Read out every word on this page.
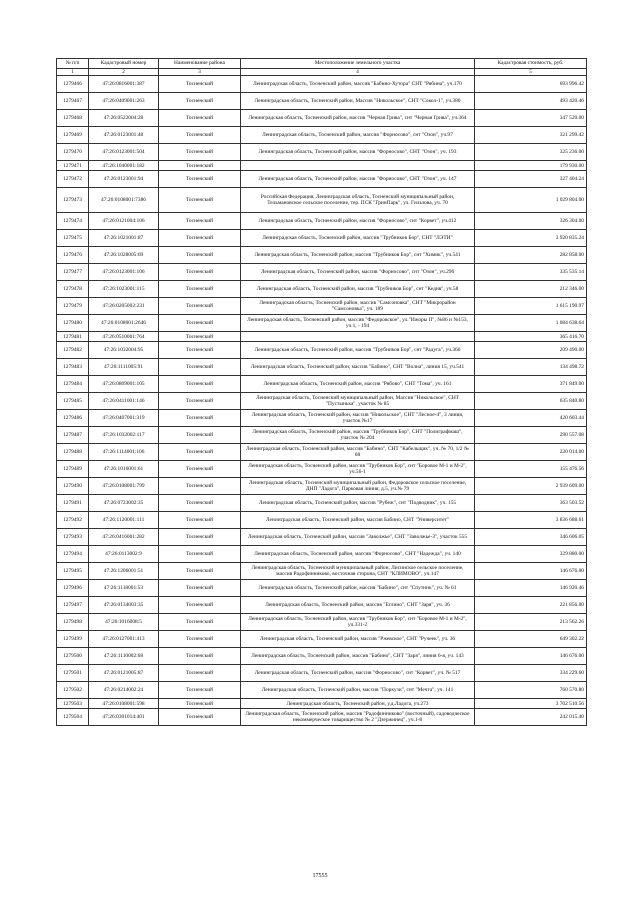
№ п/п	Кадастровый номер	Наименование района	Местоположение земельного участка	Кадастровая стоимость, руб.
1	2	3	4	5
1279466	47:26:0816001:387	Тосненский	Ленинградская область, Тосненский район, массив "Бабино-Хутора" СНТ "Рябина", уч.170	693 996.42
1279467	47:26:0409001:263	Тосненский	Ленинградская область, Тосненский район, Массив "Никольское", СНТ "Сокол-1", уч.380	493 420.46
1279468	47:26:0522004:28	Тосненский	Ленинградская область, Тосненский район, массив "Черная Грива", снт "Черная Грива", уч.364	347 520.00
1279469	47:26:0123001:48	Тосненский	Ленинградская область, Тосненский район, массив "Форносово", снт "Озон", уч.97	321 299.42
1279470	47:26:0123001:504	Тосненский	Ленинградская область, Тосненский район, массив "Форносово", СНТ "Озон", уч. 193	325 236.00
1279471	47:26:1040001:182	Тосненский		179 930.00
1279472	47:26:0123001:94	Тосненский	Ленинградская область, Тосненский район, массив "Форносово", СНТ "Озон", уч. 147	327 404.24
1279473	47:26:0108001:7386	Тосненский	Российская Федерация, Ленинградская область, Тосненский муниципальный район, Тельмановское сельское поселение, тер. ПСК "ГринПарк", ул. Гильзова, уч. 70	1 029 804.00
1279474	47:26:0121004:106	Тосненский	Ленинградская область, Тосненский район, массив "Форносово", снт "Корвет", уч.412	326 304.00
1279475	47:26:1021001:87	Тосненский	Ленинградская область, Тосненский район, массив "Трубников Бор", СНТ "ЛЭТИ"	3 920 835.24
1279476	47:26:1028005:69	Тосненский	Ленинградская область, Тосненский район, массив "Трубников Бор", снт "Химик", уч.541	282 858.00
1279477	47:26:0123001:106	Тосненский	Ленинградская область, Тосненский район, массив "Форносово", снт "Озон", уч.296	335 535.14
1279478	47:26:1023001:115	Тосненский	Ленинградская область, Тосненский район, массив "Трубников Бор", снт "Кедив", уч.58	212 346.00
1279479	47:26:0205002:231	Тосненский	Ленинградская область, Тосненский район, массив "Самсоновка", СНТ "Микрорайон "Самсоновка", уч. 189	1 615 190.97
1279480	47:26:0108001:2646	Тосненский	Ленинградская область, Тосненский район, массив "Федоровское", ул."Ижоры II", №86 и №153, уч.1, - 194	1 084 638.64
1279481	47:26:0510001:764	Тосненский		365 416.70
1279482	47:26:1032004:95	Тосненский	Ленинградская область, Тосненский район, массив "Трубников Бор", снт "Радуга", уч.360	209 490.00
1279483	47:26:1111005:91	Тосненский	Ленинградская область, Тосненский район, массив "Бабино", СНТ "Волна", линия 15, уч.541	134 498.72
1279484	47:26:0809001:105	Тосненский	Ленинградская область, Тосненский район, массив "Рябово", СНТ "Тома", уч. 161	371 849.00
1279485	47:26:0411001:146	Тосненский	Ленинградская область, Тосненский муниципальный район, Массив "Никольское", СНТ "Пустынька", участок № 85	635 840.80
1279486	47:26:0407001:319	Тосненский	Ленинградская область, Тосненский район, массив "Никольское", СНТ "Лесное-4", 3 линия, участок №17	420 603.44
1279487	47:26:1032002:117	Тосненский	Ленинградская область, Тосненский район, массив "Трубников Бор", СНТ "Полиграфмаш", участок № 204	290 557.08
1279488	47:26:1114001:106	Тосненский	Ленинградская область, Тосненский район, массив "Бабино", СНТ "Кабельщик", уч. № 70, 1/2 № 68	220 014.00
1279489	47:26:1016001:61	Тосненский	Ленинградская область, Тосненский район, массив "Трубников Бор", снт "Боровое М-1 и М-2", уч.56-1	155 476.56
1279490	47:26:0108001:799	Тосненский	Ленинградская область, Тосненский муниципальный район, Федоровское сельское поселение, ДНП "Ладога", Парковая линия, д.5, уч.№ 79	2 939 609.00
1279491	47:26:0723002:35	Тосненский	Ленинградская область, Тосненский район, массив "Рубеж", снт "Подводник", уч. 155	363 503.52
1279492	47:26:1120001:111	Тосненский	Ленинградская область, Тосненский район, массив Бабино, СНТ "Университет"	3 836 688.61
1279493	47:26:0416001:282	Тосненский	Ленинградская область, Тосненский район, массив "Заволжье", СНТ "Заволжье-3", участок 555	346 606.05
1279494	47:26:0113002:9	Тосненский	Ленинградская область, Тосненский район, массив "Форносово", СНТ "Надежда", уч. 140	329 880.00
1279495	47:26:1206001:51	Тосненский	Ленинградская область, Тосненский муниципальный район, Лисинское сельское поселение, массив Радофинниково, восточная сторона, СНТ "КЛИМОВО", уч.147	146 676.00
1279496	47:26:1118001:53	Тосненский	Ленинградская область, Тосненский район, массив "Бабино", снт "Спутник", уч. № 61	146 920.46
1279497	47:26:0134003:35	Тосненский	Ленинградская область, Тосненский район, массив "Еглино", СНТ "Заря", уч. 36	221 856.00
1279498	47:26:1016008:5	Тосненский	Ленинградская область, Тосненский район, массив "Трубников Бор", снт "Боровое М-1 и М-2", уч.331-2	213 562.26
1279499	47:26:0127001:413	Тосненский	Ленинградская область, Тосненский район, массив "Ржевское", СНТ "Ручеек", уч. 36	649 302.22
1279500	47:26:1110002:68	Тосненский	Ленинградская область, Тосненский район, массив "Бабино", СНТ "Заря", линия 6-я, уч. 143	146 676.00
1279501	47:26:0121005:87	Тосненский	Ленинградская область, Тосненский район, массив "Форносово", снт "Корвет", уч. № 517	334 229.60
1279502	47:26:0214002:24	Тосненский	Ленинградская область, Тосненский район, массив "Поркузи", снт "Мечта", уч. 141	760 570.80
1279503	47:26:0108001:598	Тосненский	Ленинградская область, Тосненский район, у.д.Ладога, уч.273	3 702 510.56
1279504	47:26:0301014:401	Тосненский	Ленинградская область, Тосненский район, массив "Радофинниково" (восточный), садоводческое некоммерческое товарищество № 2 "Дзержинец", уч.1-8	242 015.40
17555
